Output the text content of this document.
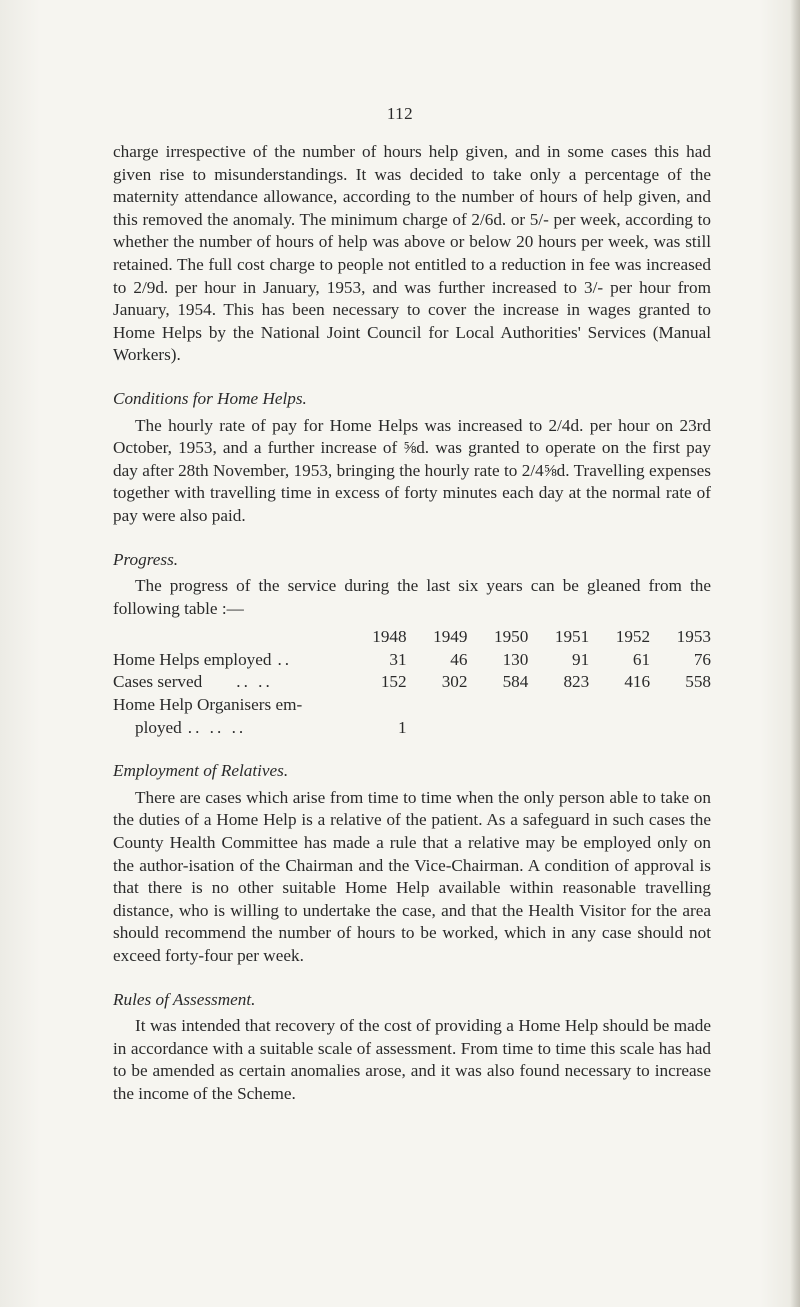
112

charge irrespective of the number of hours help given, and in some cases this had given rise to misunderstandings. It was decided to take only a percentage of the maternity attendance allowance, according to the number of hours of help given, and this removed the anomaly. The minimum charge of 2/6d. or 5/- per week, according to whether the number of hours of help was above or below 20 hours per week, was still retained. The full cost charge to people not entitled to a reduction in fee was increased to 2/9d. per hour in January, 1953, and was further increased to 3/- per hour from January, 1954. This has been necessary to cover the increase in wages granted to Home Helps by the National Joint Council for Local Authorities' Services (Manual Workers).

Conditions for Home Helps.

The hourly rate of pay for Home Helps was increased to 2/4d. per hour on 23rd October, 1953, and a further increase of ⅝d. was granted to operate on the first pay day after 28th November, 1953, bringing the hourly rate to 2/4⅝d. Travelling expenses together with travelling time in excess of forty minutes each day at the normal rate of pay were also paid.

Progress.

The progress of the service during the last six years can be gleaned from the following table :—

	1948	1949	1950	1951	1952	1953
Home Helps employed ..	31	46	130	91	61	76
Cases served .. ..	152	302	584	823	416	558
Home Help Organisers em-						
ployed .. .. ..	1					
Employment of Relatives.

There are cases which arise from time to time when the only person able to take on the duties of a Home Help is a relative of the patient. As a safeguard in such cases the County Health Committee has made a rule that a relative may be employed only on the author-isation of the Chairman and the Vice-Chairman. A condition of approval is that there is no other suitable Home Help available within reasonable travelling distance, who is willing to undertake the case, and that the Health Visitor for the area should recommend the number of hours to be worked, which in any case should not exceed forty-four per week.

Rules of Assessment.

It was intended that recovery of the cost of providing a Home Help should be made in accordance with a suitable scale of assessment. From time to time this scale has had to be amended as certain anomalies arose, and it was also found necessary to increase the income of the Scheme.
